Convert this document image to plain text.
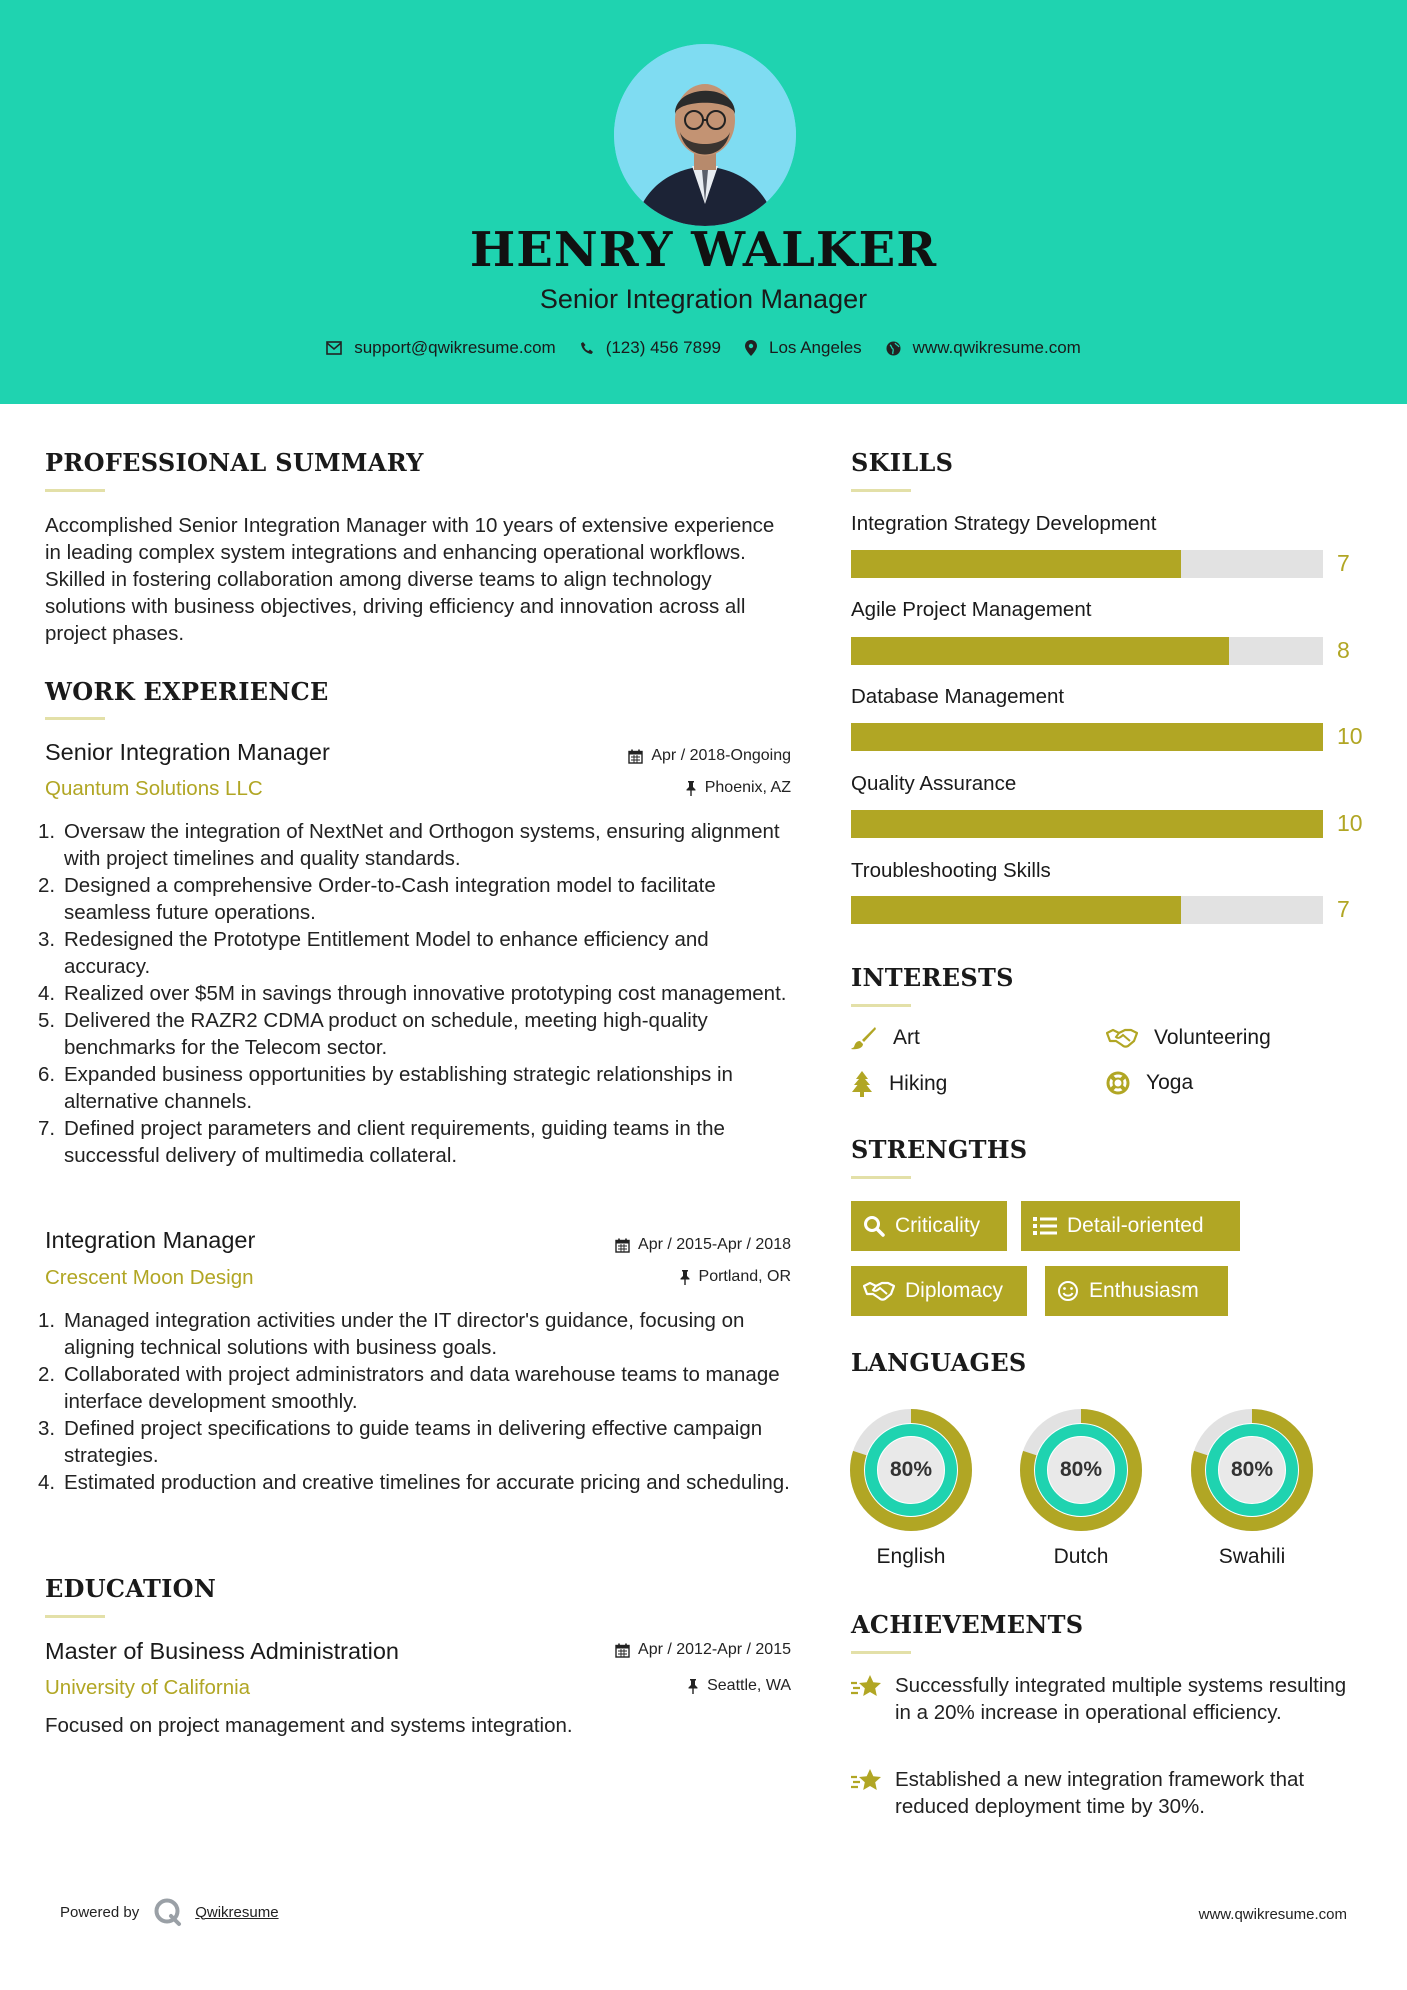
HENRY WALKER
Senior Integration Manager
support@qwikresume.com	(123) 456 7899	Los Angeles	www.qwikresume.com
PROFESSIONAL SUMMARY
Accomplished Senior Integration Manager with 10 years of extensive experience in leading complex system integrations and enhancing operational workflows. Skilled in fostering collaboration among diverse teams to align technology solutions with business objectives, driving efficiency and innovation across all project phases.
WORK EXPERIENCE
Senior Integration Manager	Apr / 2018-Ongoing
Quantum Solutions LLC	Phoenix, AZ
1. Oversaw the integration of NextNet and Orthogon systems, ensuring alignment with project timelines and quality standards.
2. Designed a comprehensive Order-to-Cash integration model to facilitate seamless future operations.
3. Redesigned the Prototype Entitlement Model to enhance efficiency and accuracy.
4. Realized over $5M in savings through innovative prototyping cost management.
5. Delivered the RAZR2 CDMA product on schedule, meeting high-quality benchmarks for the Telecom sector.
6. Expanded business opportunities by establishing strategic relationships in alternative channels.
7. Defined project parameters and client requirements, guiding teams in the successful delivery of multimedia collateral.
Integration Manager	Apr / 2015-Apr / 2018
Crescent Moon Design	Portland, OR
1. Managed integration activities under the IT director's guidance, focusing on aligning technical solutions with business goals.
2. Collaborated with project administrators and data warehouse teams to manage interface development smoothly.
3. Defined project specifications to guide teams in delivering effective campaign strategies.
4. Estimated production and creative timelines for accurate pricing and scheduling.
EDUCATION
Master of Business Administration	Apr / 2012-Apr / 2015
University of California	Seattle, WA
Focused on project management and systems integration.
SKILLS
Integration Strategy Development
7
Agile Project Management
8
Database Management
10
Quality Assurance
10
Troubleshooting Skills
7
INTERESTS
Art	Volunteering
Hiking	Yoga
STRENGTHS
Criticality	Detail-oriented
Diplomacy	Enthusiasm
LANGUAGES
80%
English
80%
Dutch
80%
Swahili
ACHIEVEMENTS
Successfully integrated multiple systems resulting in a 20% increase in operational efficiency.
Established a new integration framework that reduced deployment time by 30%.
Powered by	Qwikresume	www.qwikresume.com
